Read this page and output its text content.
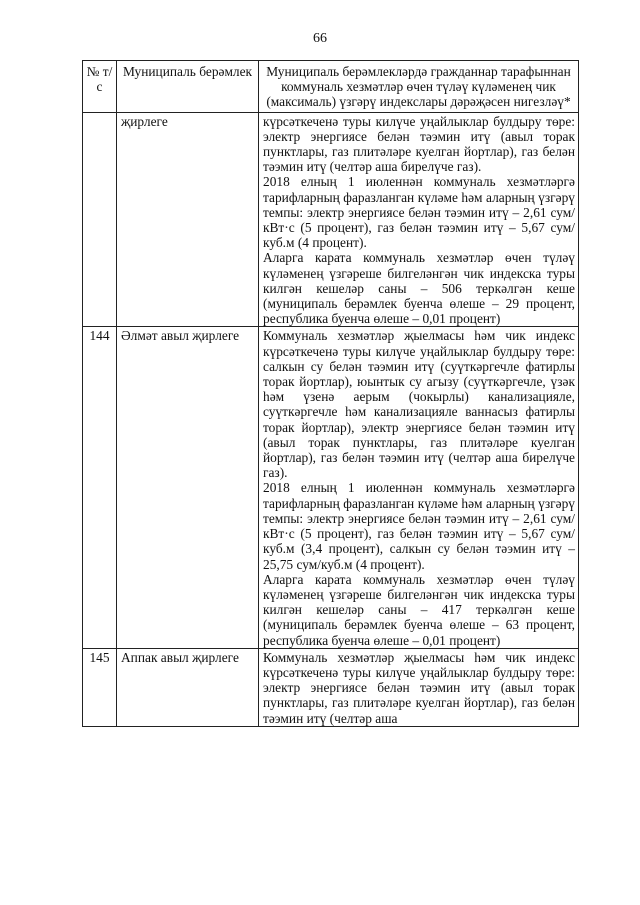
66
№ т/с	Муниципаль берәмлек	Муниципаль берәмлекләрдә гражданнар тарафыннан коммуналь хезмәтләр өчен түләү күләменең чик (максималь) үзгәрү индекслары дәрәҗәсен нигезләү*
	җирлеге	күрсәткеченә туры килүче уңайлыклар булдыру төре: электр энергиясе белән тәэмин итү (авыл торак пунктлары, газ плитәләре куелган йортлар), газ белән тәэмин итү (челтәр аша бирелүче газ).
2018 елның 1 июленнән коммуналь хезмәтләргә тарифларның фаразланган күләме һәм аларның үзгәрү темпы: электр энергиясе белән тәэмин итү – 2,61 сум/кВт·с (5 процент), газ белән тәэмин итү – 5,67 сум/куб.м (4 процент).
Аларга карата коммуналь хезмәтләр өчен түләү күләменең үзгәреше билгеләнгән чик индекска туры килгән кешеләр саны – 506 теркәлгән кеше (муниципаль берәмлек буенча өлеше – 29 процент, республика буенча өлеше – 0,01 процент)

144	Әлмәт авыл җирлеге	Коммуналь хезмәтләр җыелмасы һәм чик индекс күрсәткеченә туры килүче уңайлыклар булдыру төре: салкын су белән тәэмин итү (суүткәргечле фатирлы торак йортлар), юынтык су агызу (суүткәргечле, үзәк һәм үзенә аерым (чокырлы) канализацияле, суүткәргечле һәм канализацияле ваннасыз фатирлы торак йортлар), электр энергиясе белән тәэмин итү (авыл торак пунктлары, газ плитәләре куелган йортлар), газ белән тәэмин итү (челтәр аша бирелүче газ).
2018 елның 1 июленнән коммуналь хезмәтләргә тарифларның фаразланган күләме һәм аларның үзгәрү темпы: электр энергиясе белән тәэмин итү – 2,61 сум/кВт·с (5 процент), газ белән тәэмин итү – 5,67 сум/куб.м (3,4 процент), салкын су белән тәэмин итү – 25,75 сум/куб.м (4 процент).
Аларга карата коммуналь хезмәтләр өчен түләү күләменең үзгәреше билгеләнгән чик индекска туры килгән кешеләр саны – 417 теркәлгән кеше (муниципаль берәмлек буенча өлеше – 63 процент, республика буенча өлеше – 0,01 процент)

145	Аппак авыл җирлеге	Коммуналь хезмәтләр җыелмасы һәм чик индекс күрсәткеченә туры килүче уңайлыклар булдыру төре: электр энергиясе белән тәэмин итү (авыл торак пунктлары, газ плитәләре куелган йортлар), газ белән тәэмин итү (челтәр аша
